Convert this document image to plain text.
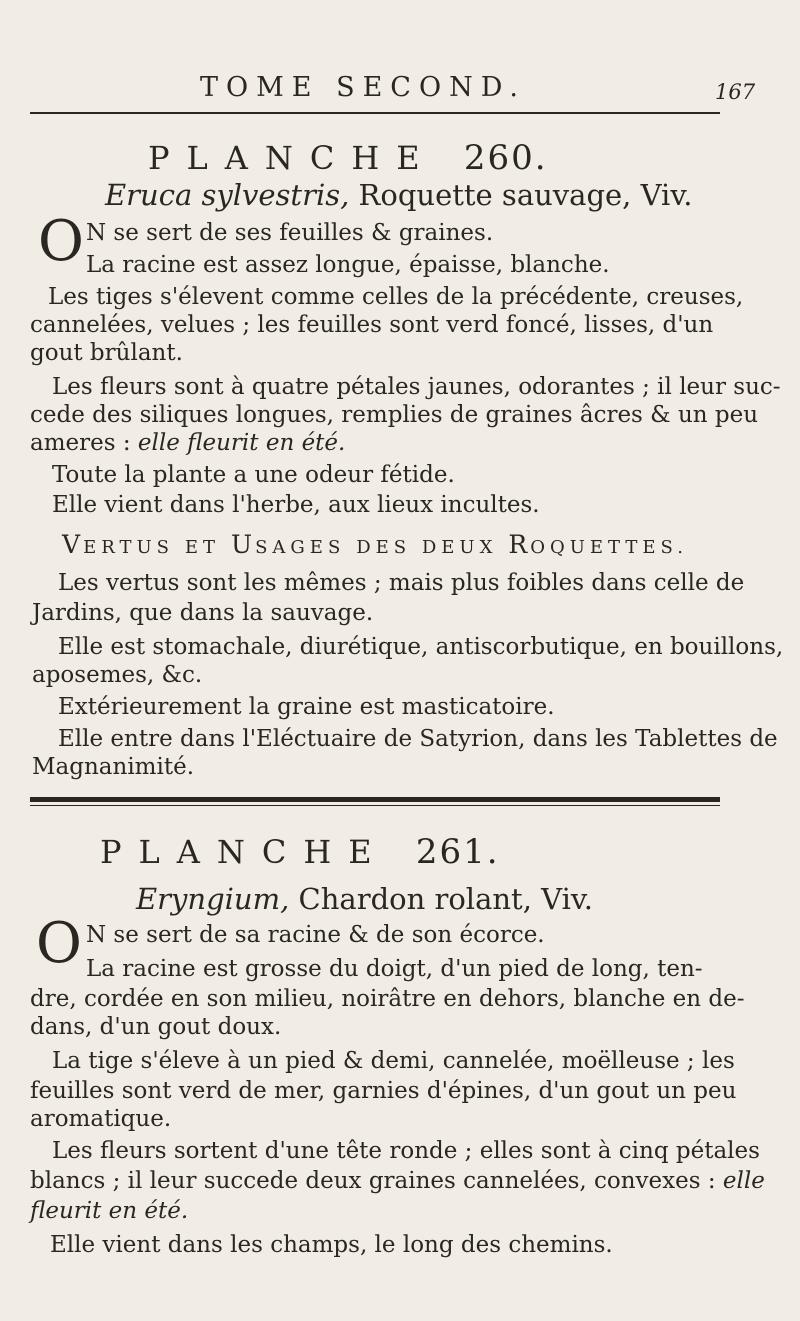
TOME SECOND.	167
PLANCHE 260.
Eruca sylvestris, Roquette sauvage, Viv.
O N se sert de ses feuilles & graines.
La racine est assez longue, épaisse, blanche.
Les tiges s'élevent comme celles de la précédente, creuses,
cannelées, velues ; les feuilles sont verd foncé, lisses, d'un
gout brûlant.
Les fleurs sont à quatre pétales jaunes, odorantes ; il leur suc-
cede des siliques longues, remplies de graines âcres & un peu
ameres : elle fleurit en été.
Toute la plante a une odeur fétide.
Elle vient dans l'herbe, aux lieux incultes.
VERTUS ET USAGES DES DEUX ROQUETTES.
Les vertus sont les mêmes ; mais plus foibles dans celle de
Jardins, que dans la sauvage.
Elle est stomachale, diurétique, antiscorbutique, en bouillons,
aposemes, &c.
Extérieurement la graine est masticatoire.
Elle entre dans l'Eléctuaire de Satyrion, dans les Tablettes de
Magnanimité.
PLANCHE 261.
Eryngium, Chardon rolant, Viv.
O N se sert de sa racine & de son écorce.
La racine est grosse du doigt, d'un pied de long, ten-
dre, cordée en son milieu, noirâtre en dehors, blanche en de-
dans, d'un gout doux.
La tige s'éleve à un pied & demi, cannelée, moëlleuse ; les
feuilles sont verd de mer, garnies d'épines, d'un gout un peu
aromatique.
Les fleurs sortent d'une tête ronde ; elles sont à cinq pétales
blancs ; il leur succede deux graines cannelées, convexes : elle
fleurit en été.
Elle vient dans les champs, le long des chemins.
